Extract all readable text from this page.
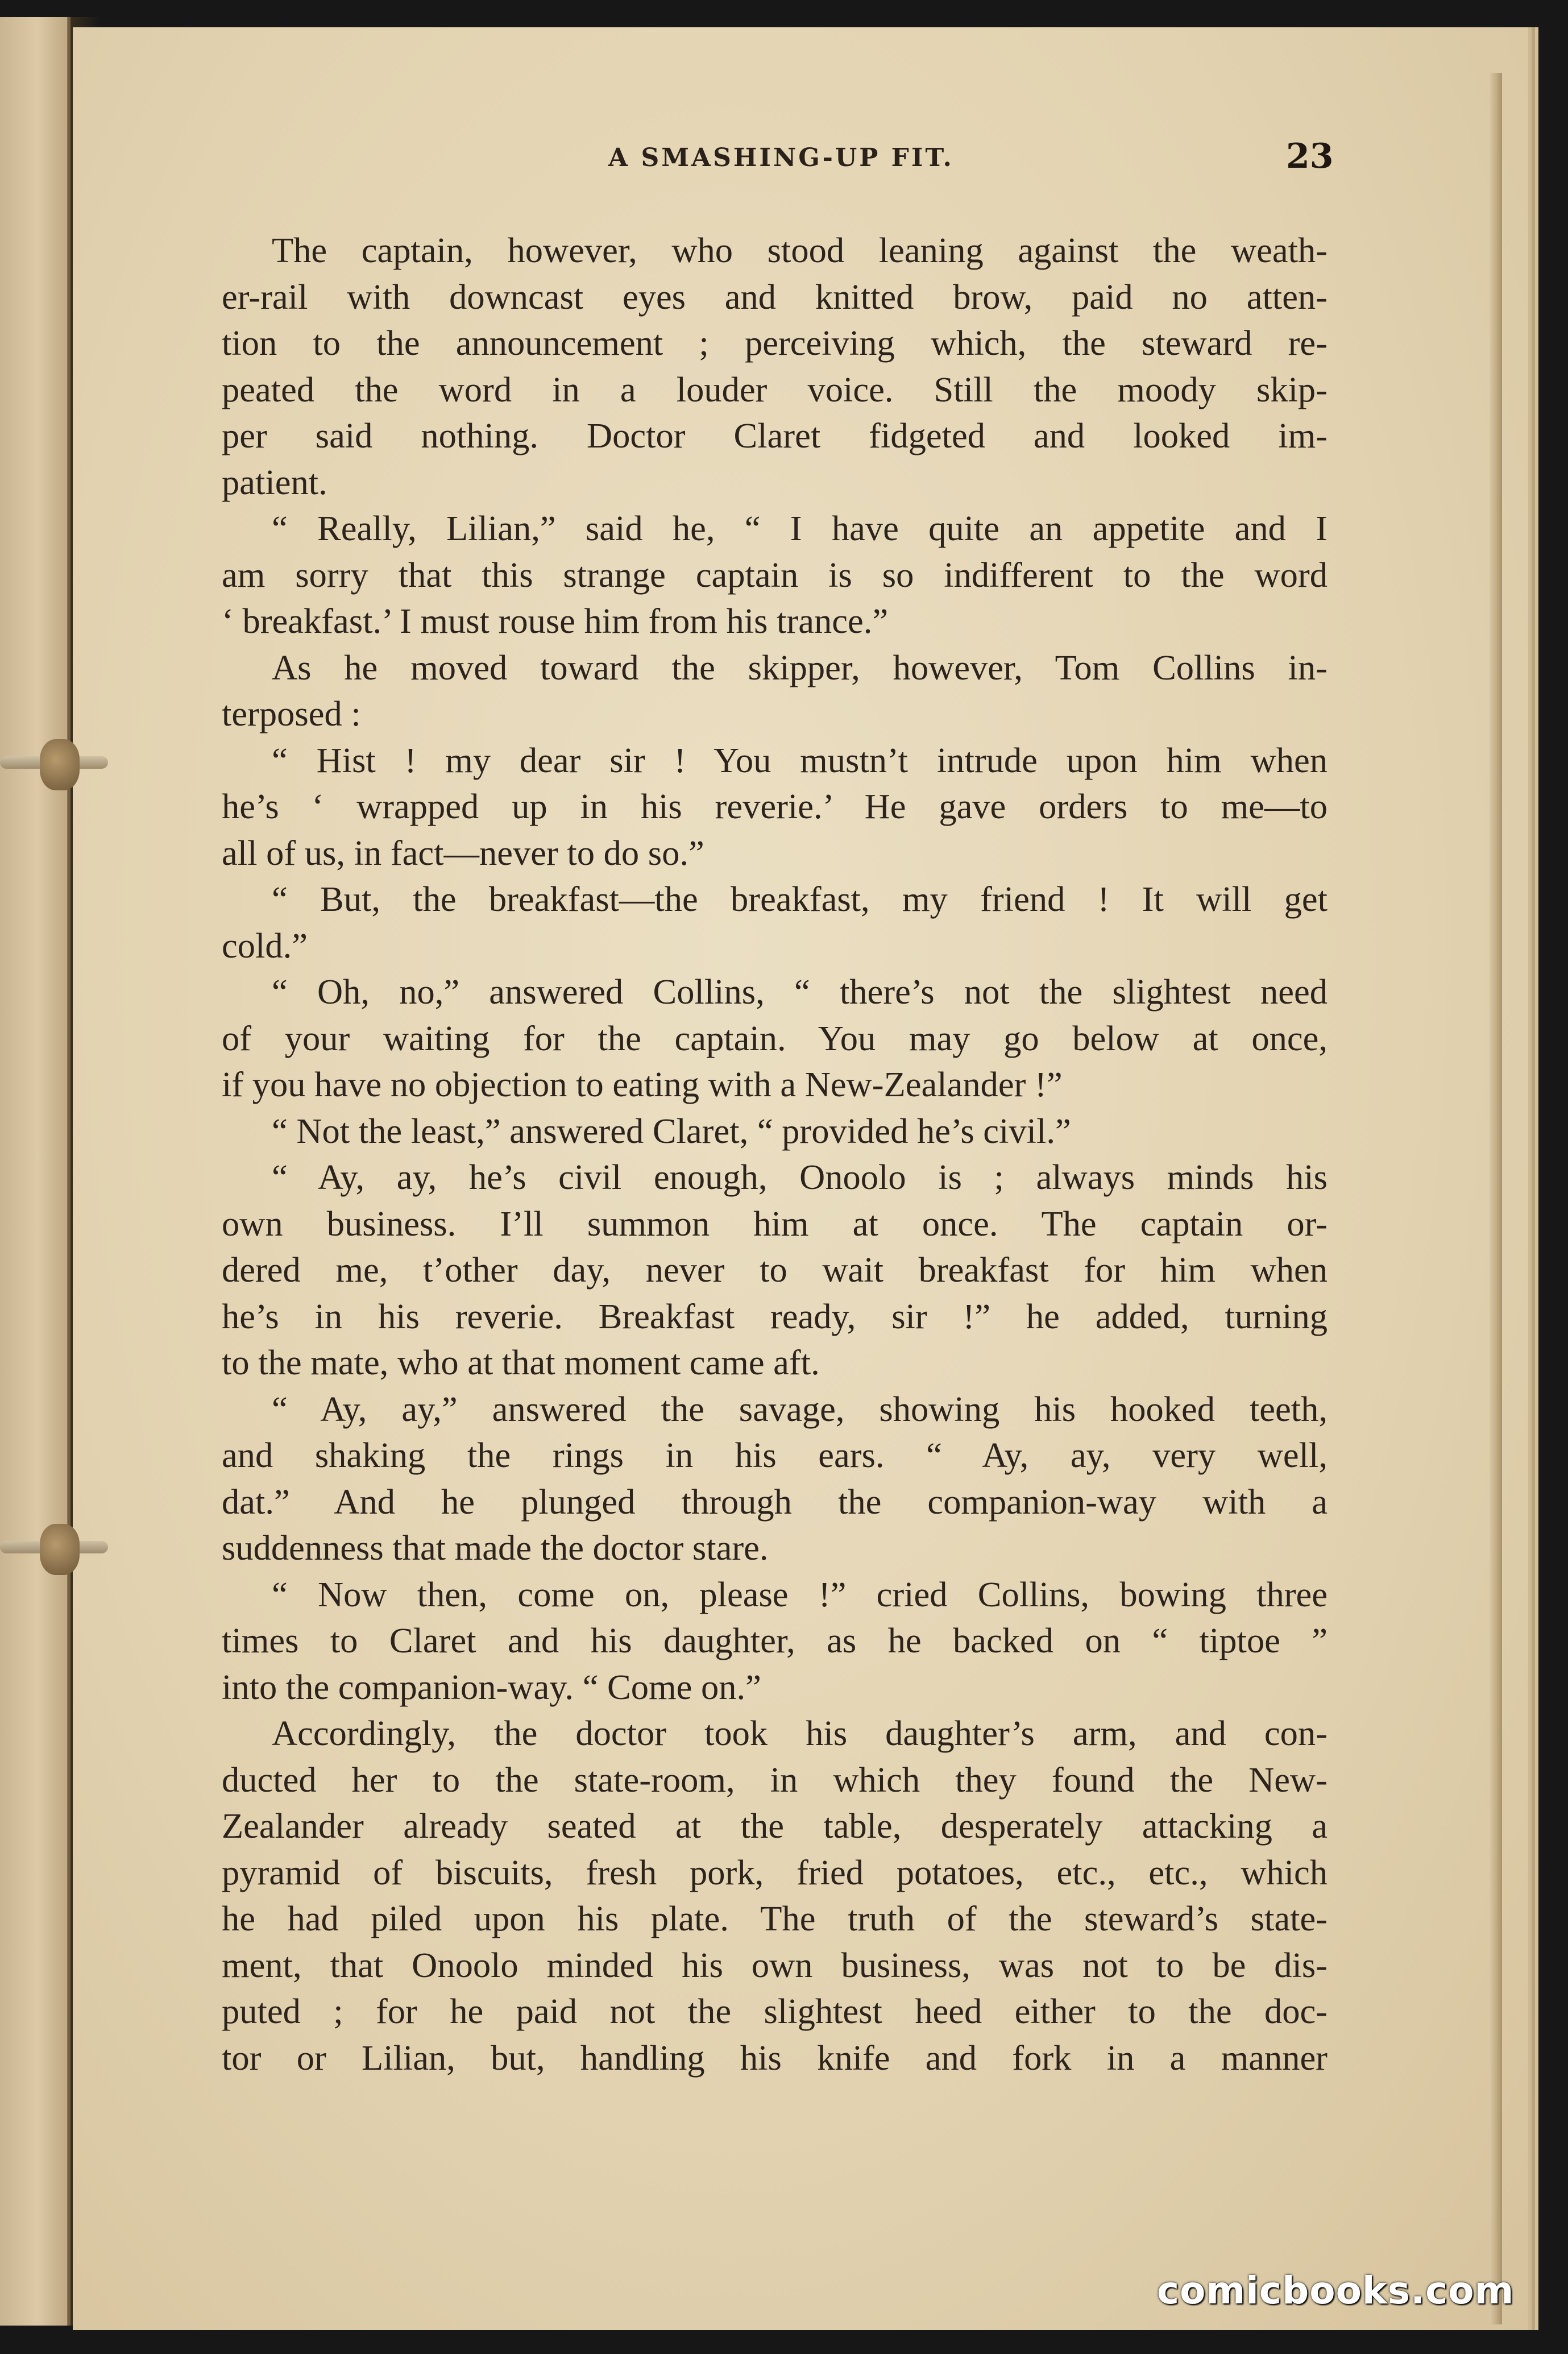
A SMASHING-UP FIT.	23
The captain, however, who stood leaning against the weath-
er-rail with downcast eyes and knitted brow, paid no atten-
tion to the announcement ; perceiving which, the steward re-
peated the word in a louder voice. Still the moody skip-
per said nothing. Doctor Claret fidgeted and looked im-
patient.
“ Really, Lilian,” said he, “ I have quite an appetite and I
am sorry that this strange captain is so indifferent to the word
‘ breakfast.’ I must rouse him from his trance.”
As he moved toward the skipper, however, Tom Collins in-
terposed :
“ Hist ! my dear sir ! You mustn’t intrude upon him when
he’s ‘ wrapped up in his reverie.’ He gave orders to me—to
all of us, in fact—never to do so.”
“ But, the breakfast—the breakfast, my friend ! It will get
cold.”
“ Oh, no,” answered Collins, “ there’s not the slightest need
of your waiting for the captain. You may go below at once,
if you have no objection to eating with a New-Zealander !”
“ Not the least,” answered Claret, “ provided he’s civil.”
“ Ay, ay, he’s civil enough, Onoolo is ; always minds his
own business. I’ll summon him at once. The captain or-
dered me, t’other day, never to wait breakfast for him when
he’s in his reverie. Breakfast ready, sir !” he added, turning
to the mate, who at that moment came aft.
“ Ay, ay,” answered the savage, showing his hooked teeth,
and shaking the rings in his ears. “ Ay, ay, very well,
dat.” And he plunged through the companion-way with a
suddenness that made the doctor stare.
“ Now then, come on, please !” cried Collins, bowing three
times to Claret and his daughter, as he backed on “ tiptoe ”
into the companion-way. “ Come on.”
Accordingly, the doctor took his daughter’s arm, and con-
ducted her to the state-room, in which they found the New-
Zealander already seated at the table, desperately attacking a
pyramid of biscuits, fresh pork, fried potatoes, etc., etc., which
he had piled upon his plate. The truth of the steward’s state-
ment, that Onoolo minded his own business, was not to be dis-
puted ; for he paid not the slightest heed either to the doc-
tor or Lilian, but, handling his knife and fork in a manner
comicbooks.com
